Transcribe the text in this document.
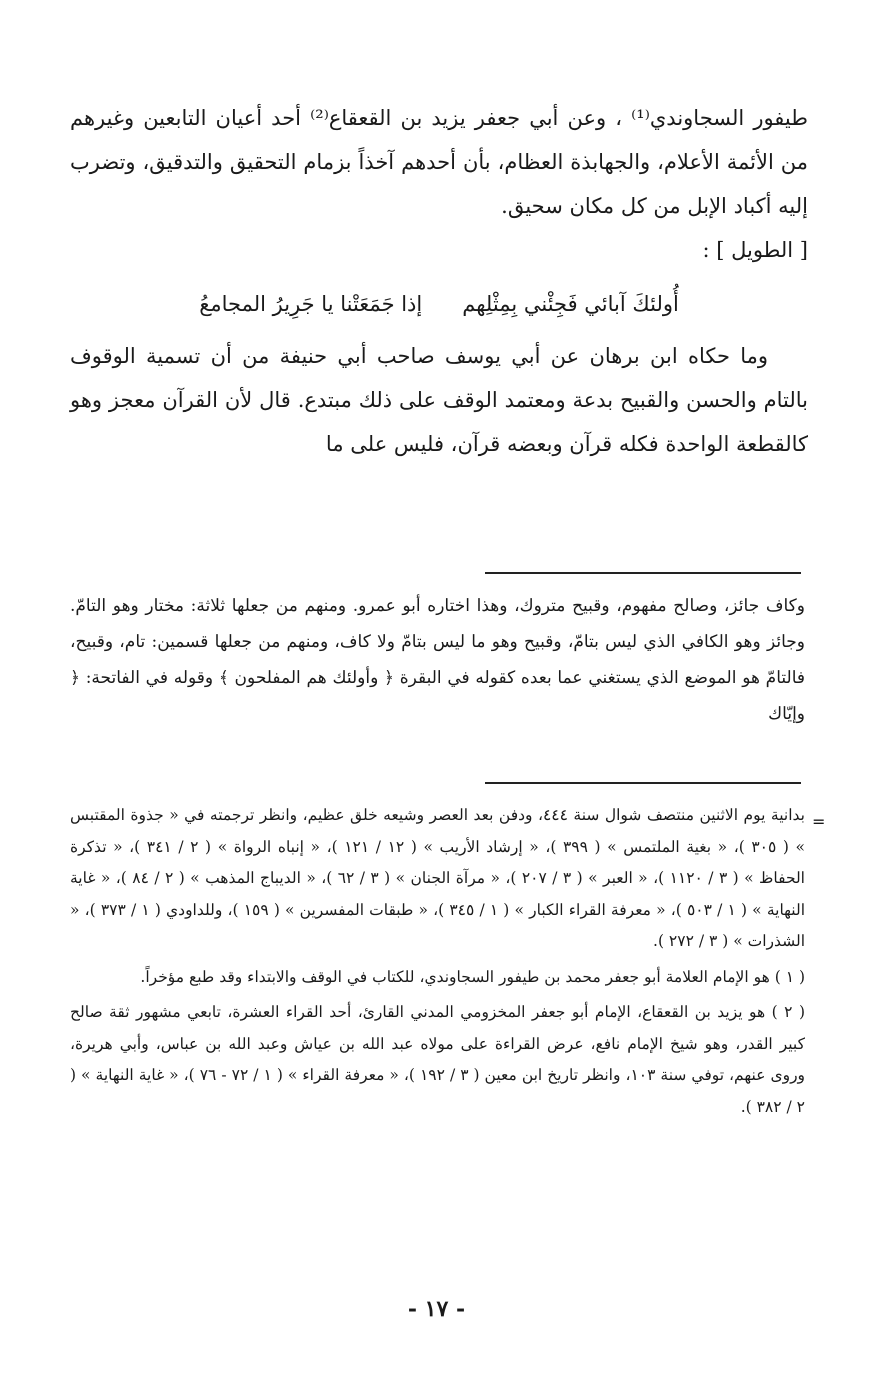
طيفور السجاوندي⁽¹⁾ ، وعن أبي جعفر يزيد بن القعقاع⁽²⁾ أحد أعيان التابعين وغيرهم من الأئمة الأعلام، والجهابذة العظام، بأن أحدهم آخذاً بزمام التحقيق والتدقيق، وتضرب إليه أكباد الإبل من كل مكان سحيق.

[ الطويل ] :

أُولئكَ آبائي فَجِئْني بِمِثْلِهم
إذا جَمَعَتْنا يا جَرِيرُ المجامعُ

وما حكاه ابن برهان عن أبي يوسف صاحب أبي حنيفة من أن تسمية الوقوف بالتام والحسن والقبيح بدعة ومعتمد الوقف على ذلك مبتدع. قال لأن القرآن معجز وهو كالقطعة الواحدة فكله قرآن وبعضه قرآن، فليس على ما

وكاف جائز، وصالح مفهوم، وقبيح متروك، وهذا اختاره أبو عمرو. ومنهم من جعلها ثلاثة: مختار وهو التامّ. وجائز وهو الكافي الذي ليس بتامّ، وقبيح وهو ما ليس بتامّ ولا كاف، ومنهم من جعلها قسمين: تام، وقبيح، فالتامّ هو الموضع الذي يستغني عما بعده كقوله في البقرة ﴿ وأولئك هم المفلحون ﴾ وقوله في الفاتحة: ﴿ وإيّاك

=

بدانية يوم الاثنين منتصف شوال سنة ٤٤٤، ودفن بعد العصر وشيعه خلق عظيم، وانظر ترجمته في « جذوة المقتبس » ( ٣٠٥ )، « بغية الملتمس » ( ٣٩٩ )، « إرشاد الأريب » ( ١٢ / ١٢١ )، « إنباه الرواة » ( ٢ / ٣٤١ )، « تذكرة الحفاظ » ( ٣ / ١١٢٠ )، « العبر » ( ٣ / ٢٠٧ )، « مرآة الجنان » ( ٣ / ٦٢ )، « الديباج المذهب » ( ٢ / ٨٤ )، « غاية النهاية » ( ١ / ٥٠٣ )، « معرفة القراء الكبار » ( ١ / ٣٤٥ )، « طبقات المفسرين » ( ١٥٩ )، وللداودي ( ١ / ٣٧٣ )، « الشذرات » ( ٣ / ٢٧٢ ).

( ١ ) هو الإمام العلامة أبو جعفر محمد بن طيفور السجاوندي، للكتاب في الوقف والابتداء وقد طبع مؤخراً.

( ٢ ) هو يزيد بن القعقاع، الإمام أبو جعفر المخزومي المدني القارئ، أحد القراء العشرة، تابعي مشهور ثقة صالح كبير القدر، وهو شيخ الإمام نافع، عرض القراءة على مولاه عبد الله بن عياش وعبد الله بن عباس، وأبي هريرة، وروى عنهم، توفي سنة ١٠٣، وانظر تاريخ ابن معين ( ٣ / ١٩٢ )، « معرفة القراء » ( ١ / ٧٢ - ٧٦ )، « غاية النهاية » ( ٢ / ٣٨٢ ).

- ١٧ -
